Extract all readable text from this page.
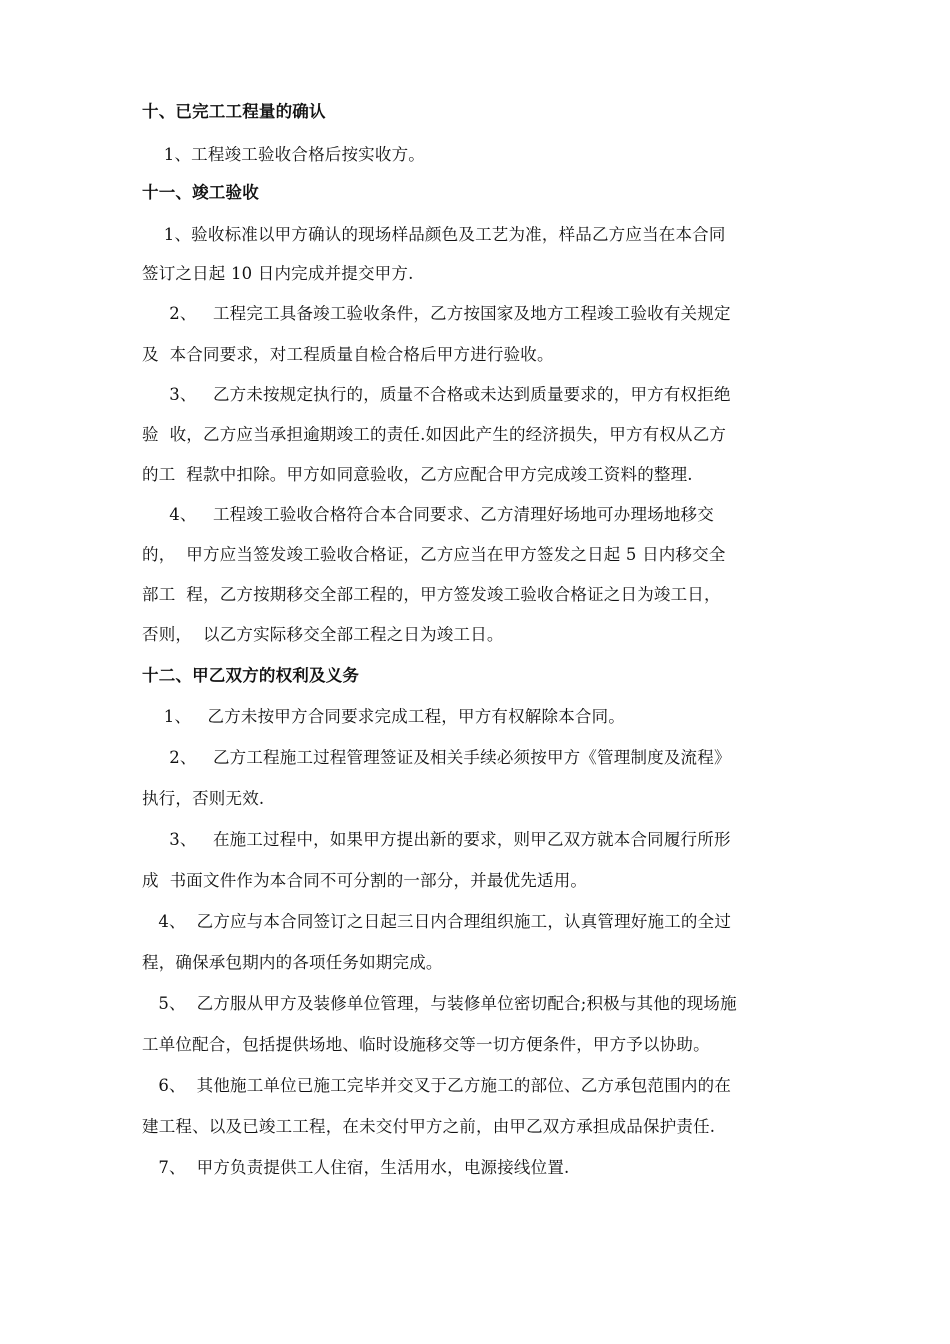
十、已完工工程量的确认
1、工程竣工验收合格后按实收方。
十一、竣工验收
1、验收标准以甲方确认的现场样品颜色及工艺为准，样品乙方应当在本合同
签订之日起 10 日内完成并提交甲方.
2、   工程完工具备竣工验收条件，乙方按国家及地方工程竣工验收有关规定
及  本合同要求，对工程质量自检合格后甲方进行验收。
3、   乙方未按规定执行的，质量不合格或未达到质量要求的，甲方有权拒绝
验  收，乙方应当承担逾期竣工的责任.如因此产生的经济损失，甲方有权从乙方
的工  程款中扣除。甲方如同意验收，乙方应配合甲方完成竣工资料的整理.
4、   工程竣工验收合格符合本合同要求、乙方清理好场地可办理场地移交
的，  甲方应当签发竣工验收合格证，乙方应当在甲方签发之日起 5 日内移交全
部工  程，乙方按期移交全部工程的，甲方签发竣工验收合格证之日为竣工日，
否则，  以乙方实际移交全部工程之日为竣工日。
十二、甲乙双方的权利及义务
1、   乙方未按甲方合同要求完成工程，甲方有权解除本合同。
2、   乙方工程施工过程管理签证及相关手续必须按甲方《管理制度及流程》
执行，否则无效.
3、   在施工过程中，如果甲方提出新的要求，则甲乙双方就本合同履行所形
成  书面文件作为本合同不可分割的一部分，并最优先适用。
4、  乙方应与本合同签订之日起三日内合理组织施工，认真管理好施工的全过
程，确保承包期内的各项任务如期完成。
5、  乙方服从甲方及装修单位管理，与装修单位密切配合;积极与其他的现场施
工单位配合，包括提供场地、临时设施移交等一切方便条件，甲方予以协助。
6、  其他施工单位已施工完毕并交叉于乙方施工的部位、乙方承包范围内的在
建工程、以及已竣工工程，在未交付甲方之前，由甲乙双方承担成品保护责任.
7、  甲方负责提供工人住宿，生活用水，电源接线位置.
